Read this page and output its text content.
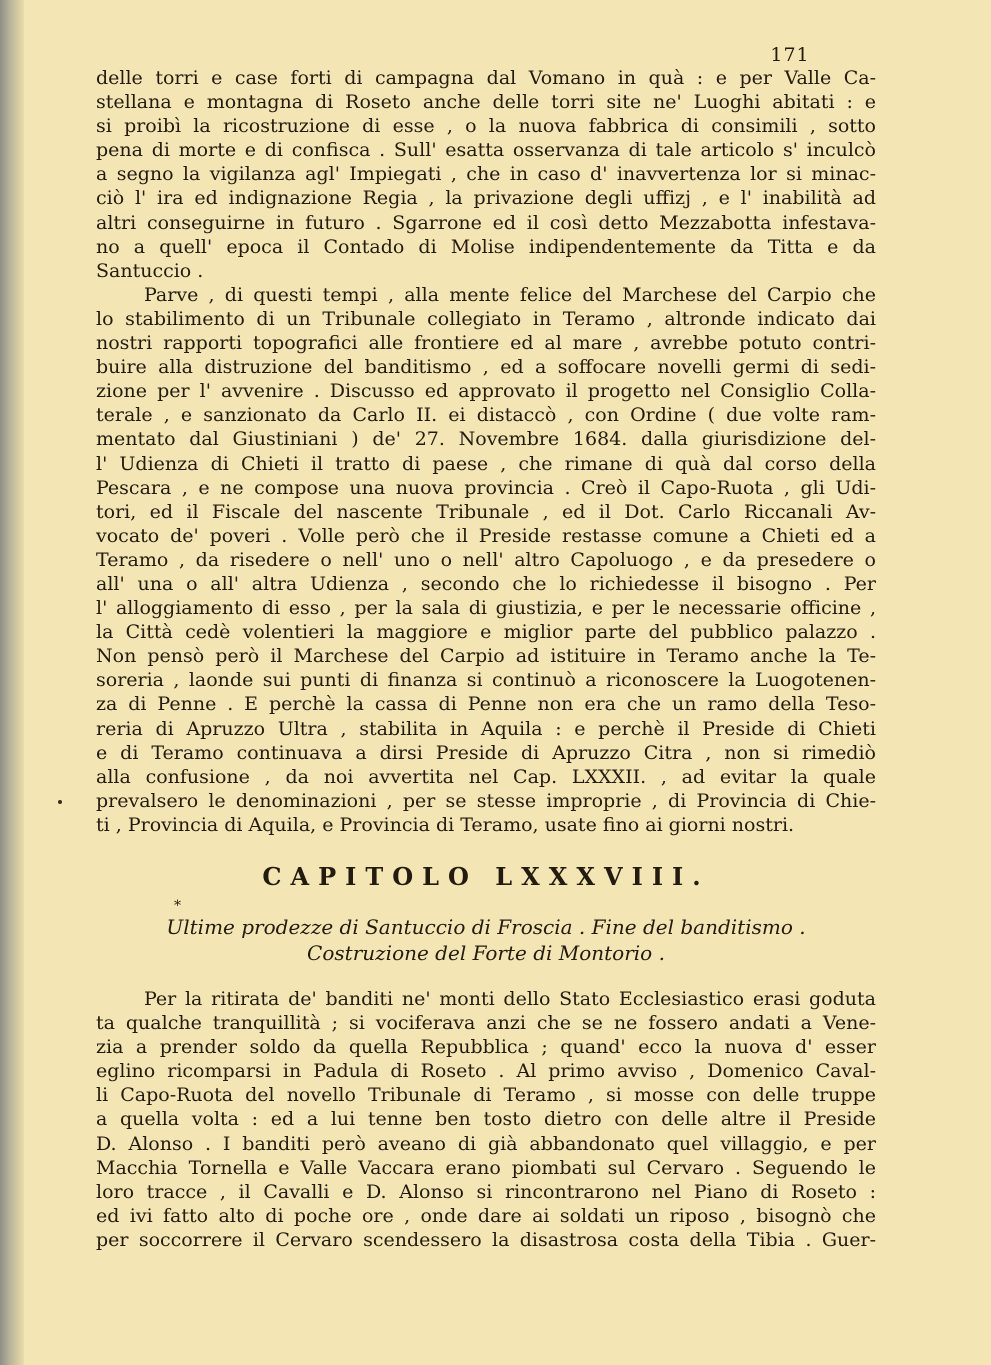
171
delle torri e case forti di campagna dal Vomano in quà : e per Valle Ca-
stellana e montagna di Roseto anche delle torri site ne' Luoghi abitati : e
si proibì la ricostruzione di esse , o la nuova fabbrica di consimili , sotto
pena di morte e di confisca . Sull' esatta osservanza di tale articolo s' inculcò
a segno la vigilanza agl' Impiegati , che in caso d' inavvertenza lor si minac-
ciò l' ira ed indignazione Regia , la privazione degli uffizj , e l' inabilità ad
altri conseguirne in futuro . Sgarrone ed il così detto Mezzabotta infestava-
no a quell' epoca il Contado di Molise indipendentemente da Titta e da
Santuccio .
Parve , di questi tempi , alla mente felice del Marchese del Carpio che
lo stabilimento di un Tribunale collegiato in Teramo , altronde indicato dai
nostri rapporti topografici alle frontiere ed al mare , avrebbe potuto contri-
buire alla distruzione del banditismo , ed a soffocare novelli germi di sedi-
zione per l' avvenire . Discusso ed approvato il progetto nel Consiglio Colla-
terale , e sanzionato da Carlo II. ei distaccò , con Ordine ( due volte ram-
mentato dal Giustiniani ) de' 27. Novembre 1684. dalla giurisdizione del-
l' Udienza di Chieti il tratto di paese , che rimane di quà dal corso della
Pescara , e ne compose una nuova provincia . Creò il Capo-Ruota , gli Udi-
tori, ed il Fiscale del nascente Tribunale , ed il Dot. Carlo Riccanali Av-
vocato de' poveri . Volle però che il Preside restasse comune a Chieti ed a
Teramo , da risedere o nell' uno o nell' altro Capoluogo , e da presedere o
all' una o all' altra Udienza , secondo che lo richiedesse il bisogno . Per
l' alloggiamento di esso , per la sala di giustizia, e per le necessarie officine ,
la Città cedè volentieri la maggiore e miglior parte del pubblico palazzo .
Non pensò però il Marchese del Carpio ad istituire in Teramo anche la Te-
soreria , laonde sui punti di finanza si continuò a riconoscere la Luogotenen-
za di Penne . E perchè la cassa di Penne non era che un ramo della Teso-
reria di Apruzzo Ultra , stabilita in Aquila : e perchè il Preside di Chieti
e di Teramo continuava a dirsi Preside di Apruzzo Citra , non si rimediò
alla confusione , da noi avvertita nel Cap. LXXXII. , ad evitar la quale
prevalsero le denominazioni , per se stesse improprie , di Provincia di Chie-
ti , Provincia di Aquila, e Provincia di Teramo, usate fino ai giorni nostri.
CAPITOLO LXXXVIII.
*
Ultime prodezze di Santuccio di Froscia . Fine del banditismo .
Costruzione del Forte di Montorio .
Per la ritirata de' banditi ne' monti dello Stato Ecclesiastico erasi goduta
ta qualche tranquillità ; si vociferava anzi che se ne fossero andati a Vene-
zia a prender soldo da quella Repubblica ; quand' ecco la nuova d' esser
eglino ricomparsi in Padula di Roseto . Al primo avviso , Domenico Caval-
li Capo-Ruota del novello Tribunale di Teramo , si mosse con delle truppe
a quella volta : ed a lui tenne ben tosto dietro con delle altre il Preside
D. Alonso . I banditi però aveano di già abbandonato quel villaggio, e per
Macchia Tornella e Valle Vaccara erano piombati sul Cervaro . Seguendo le
loro tracce , il Cavalli e D. Alonso si rincontrarono nel Piano di Roseto :
ed ivi fatto alto di poche ore , onde dare ai soldati un riposo , bisognò che
per soccorrere il Cervaro scendessero la disastrosa costa della Tibia . Guer-
